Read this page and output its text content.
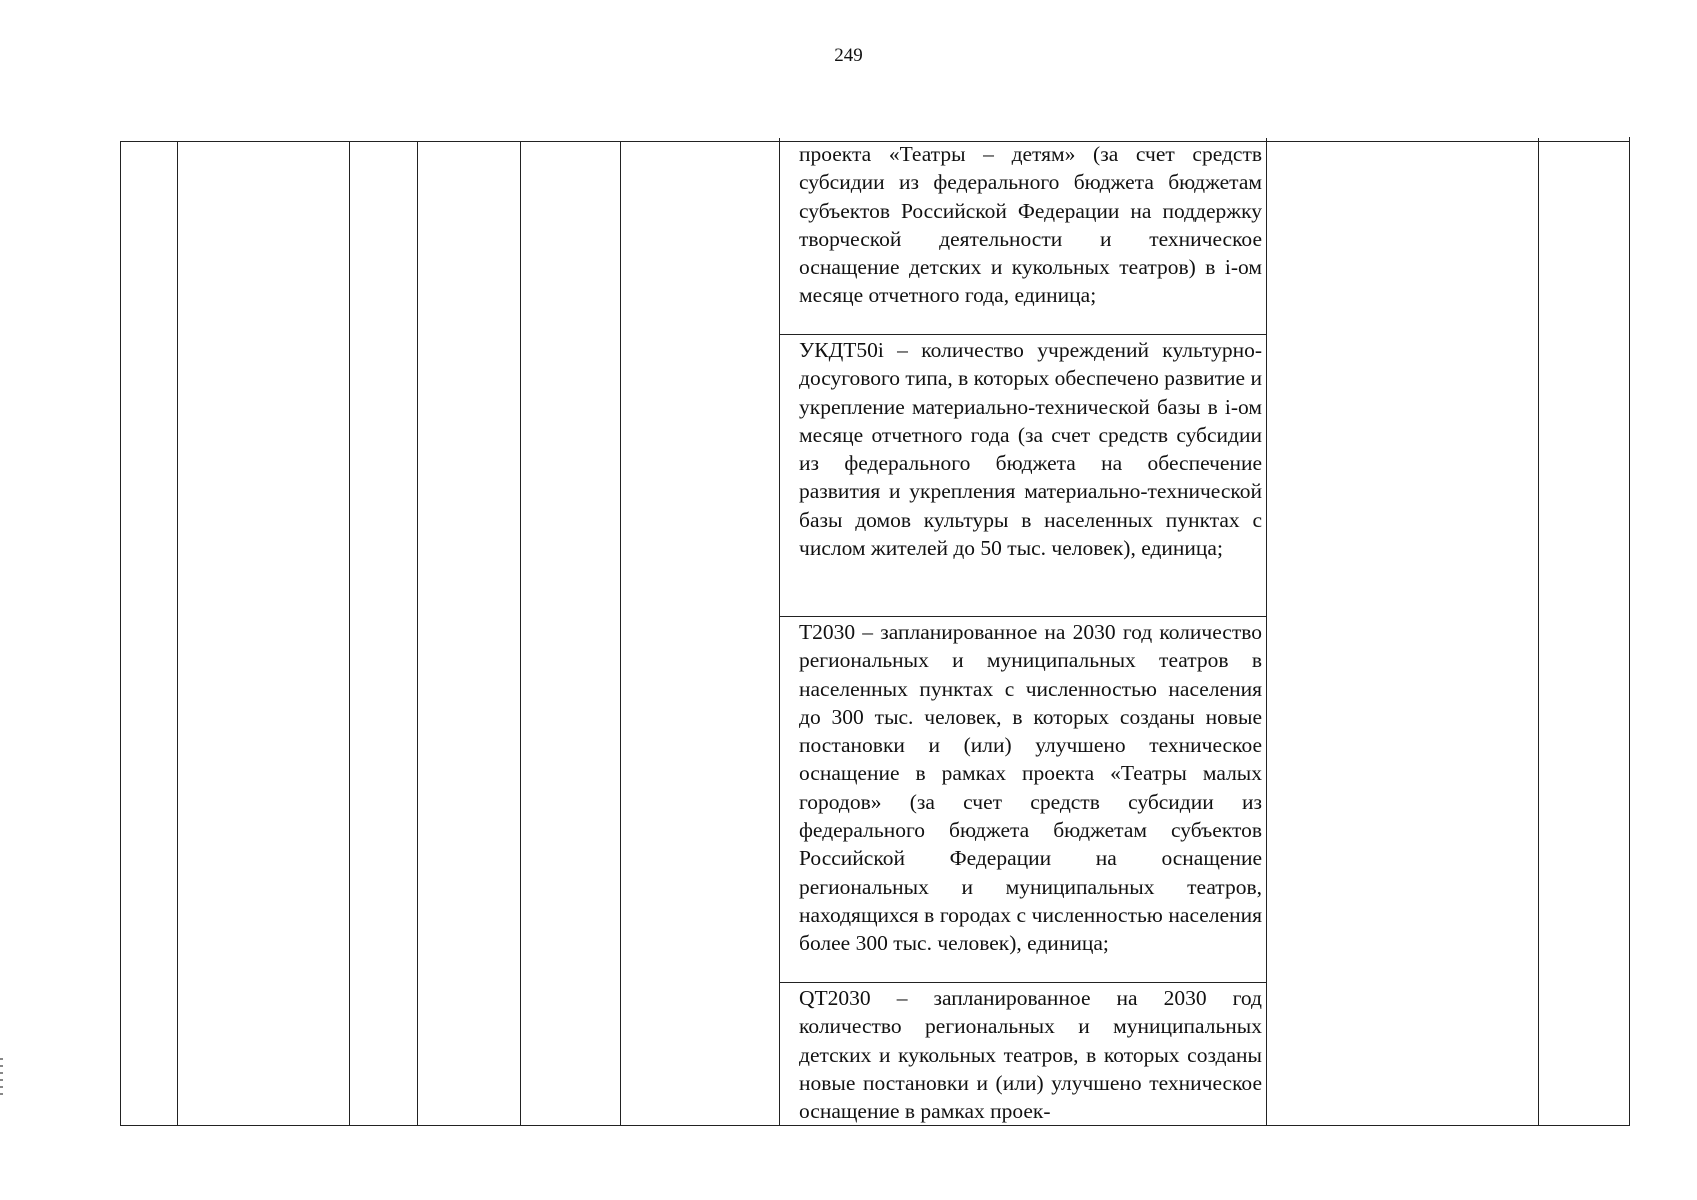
249

проекта «Театры – детям» (за счет средств субсидии из федерального бюджета бюджетам субъектов Российской Федерации на поддержку творческой деятельности и техническое оснащение детских и кукольных театров) в i-ом месяце отчетного года, единица;

УКДТ50i – количество учреждений культурно-досугового типа, в которых обеспечено развитие и укрепление материально-технической базы в i-ом месяце отчетного года (за счет средств субсидии из федерального бюджета на обеспечение развития и укрепления материально-технической базы домов культуры в населенных пунктах с числом жителей до 50 тыс. человек), единица;

Т2030 – запланированное на 2030 год количество региональных и муниципальных театров в населенных пунктах с численностью населения до 300 тыс. человек, в которых созданы новые постановки и (или) улучшено техническое оснащение в рамках проекта «Театры малых городов» (за счет средств субсидии из федерального бюджета бюджетам субъектов Российской Федерации на оснащение региональных и муниципальных театров, находящихся в городах с численностью населения более 300 тыс. человек), единица;

QТ2030 – запланированное на 2030 год количество региональных и муниципальных детских и кукольных театров, в которых созданы новые постановки и (или) улучшено техническое оснащение в рамках проек-
